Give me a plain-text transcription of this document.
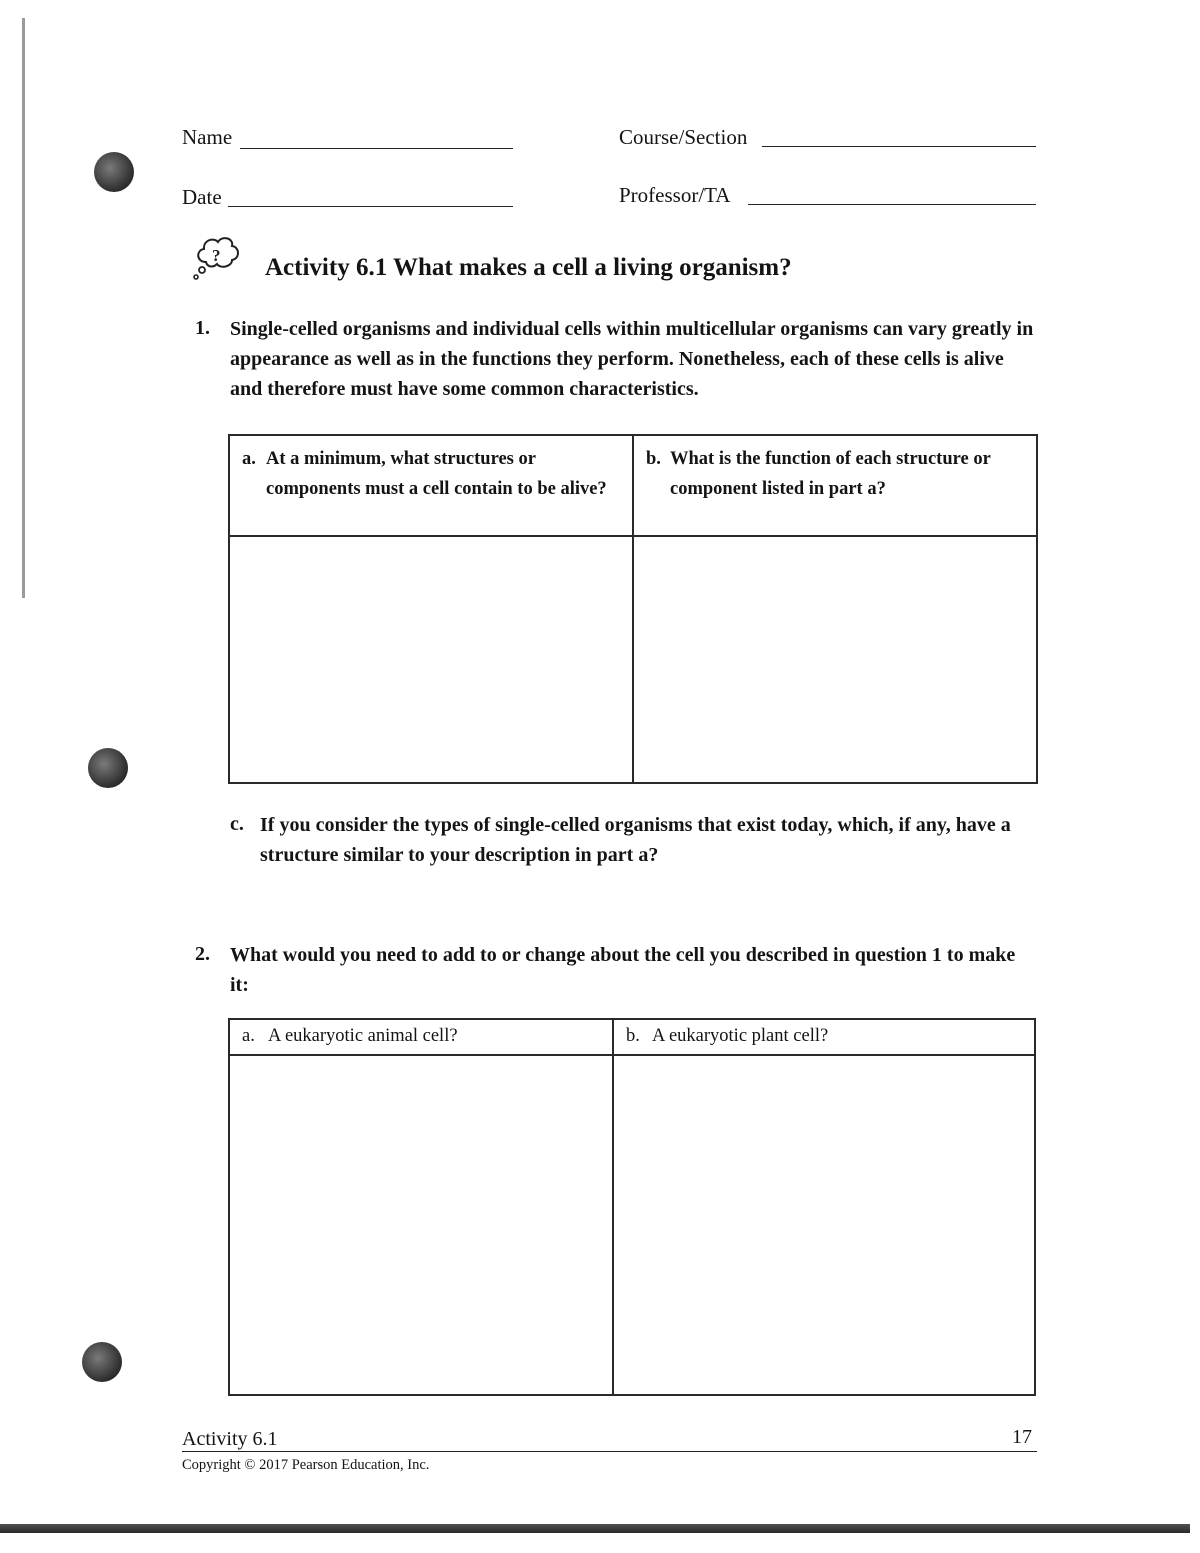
Name	Course/Section
Date	Professor/TA
? Activity 6.1 What makes a cell a living organism?
1. Single-celled organisms and individual cells within multicellular organisms can vary greatly in appearance as well as in the functions they perform. Nonetheless, each of these cells is alive and therefore must have some common characteristics.
a. At a minimum, what structures or components must a cell contain to be alive?	b. What is the function of each structure or component listed in part a?

c. If you consider the types of single-celled organisms that exist today, which, if any, have a structure similar to your description in part a?
2. What would you need to add to or change about the cell you described in question 1 to make it:
a. A eukaryotic animal cell?	b. A eukaryotic plant cell?

Activity 6.1	17
Copyright © 2017 Pearson Education, Inc.
